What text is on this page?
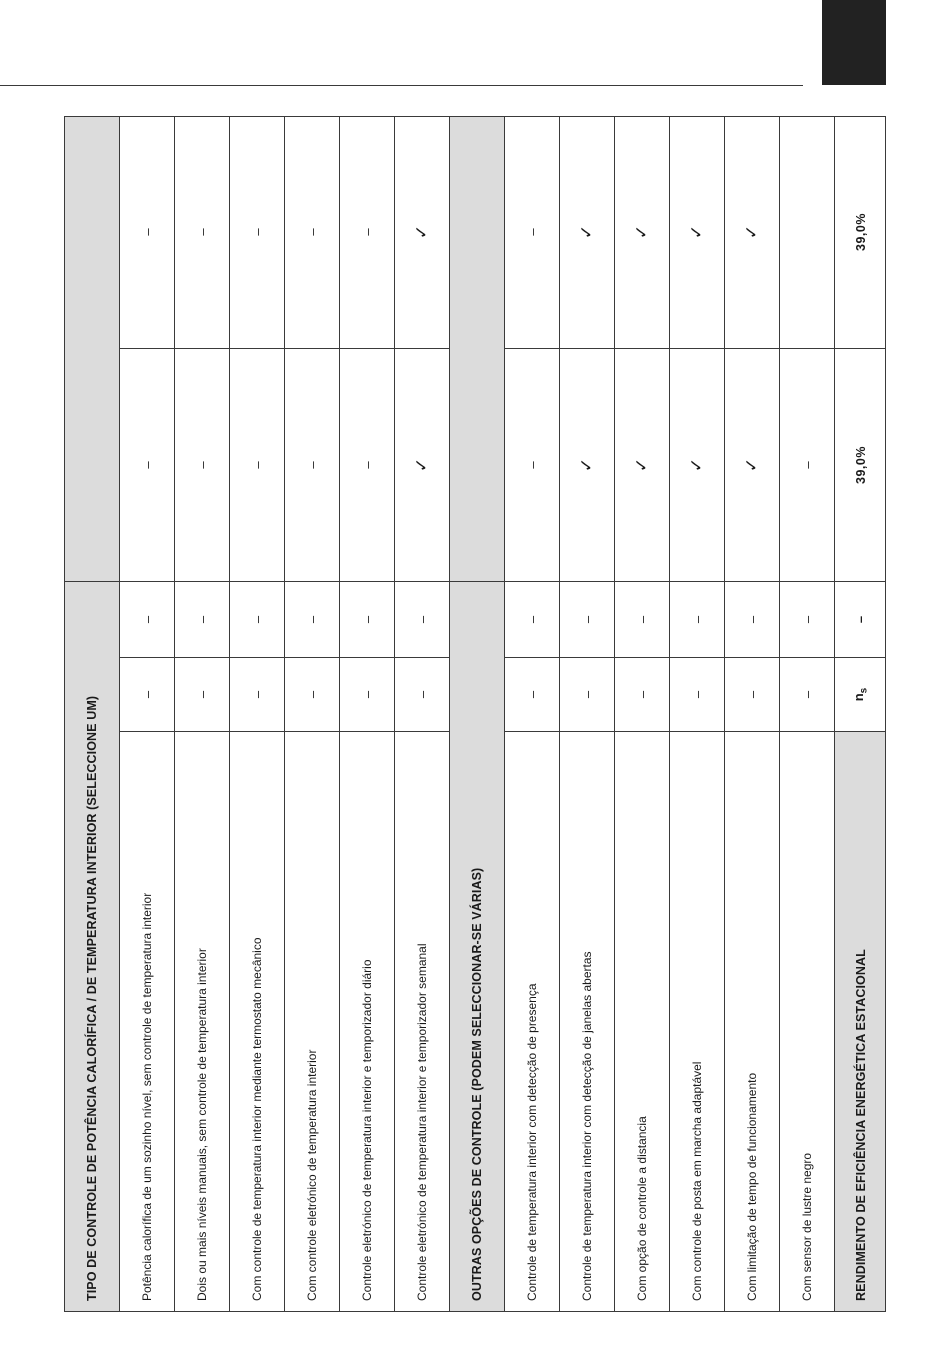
TIPO DE CONTROLE DE POTÊNCIA CALORÍFICA / DE TEMPERATURA INTERIOR (SELECCIONE UM)	Potência calorífica de um sozinho nível, sem controle de temperatura interior
–
–
–
–
Dois ou mais níveis manuais, sem controle de temperatura interior
–
–
–
–
Com controle de temperatura interior mediante termostato mecânico
–
–
–
–
Com controle eletrónico de temperatura interior
–
–
–
–
Controle eletrónico de temperatura interior e temporizador diário
–
–
–
–
Controle eletrónico de temperatura interior e temporizador semanal
–
–
✓
✓
OUTRAS OPÇÕES DE CONTROLE (PODEM SELECCIONAR-SE VÁRIAS)	Controle de temperatura interior com detecção de presença
–
–
–
–
Controle de temperatura interior com detecção de janelas abertas
–
–
✓
✓
Com opção de controle a distancia
–
–
✓
✓
Com controle de posta em marcha adaptável
–
–
✓
✓
Com limitação de tempo de funcionamento
–
–
✓
✓
Com sensor de lustre negro
–
–
–
RENDIMENTO DE EFICIÊNCIA ENERGÉTICA ESTACIONAL
$n_s$
–
39,0%
39,0%
